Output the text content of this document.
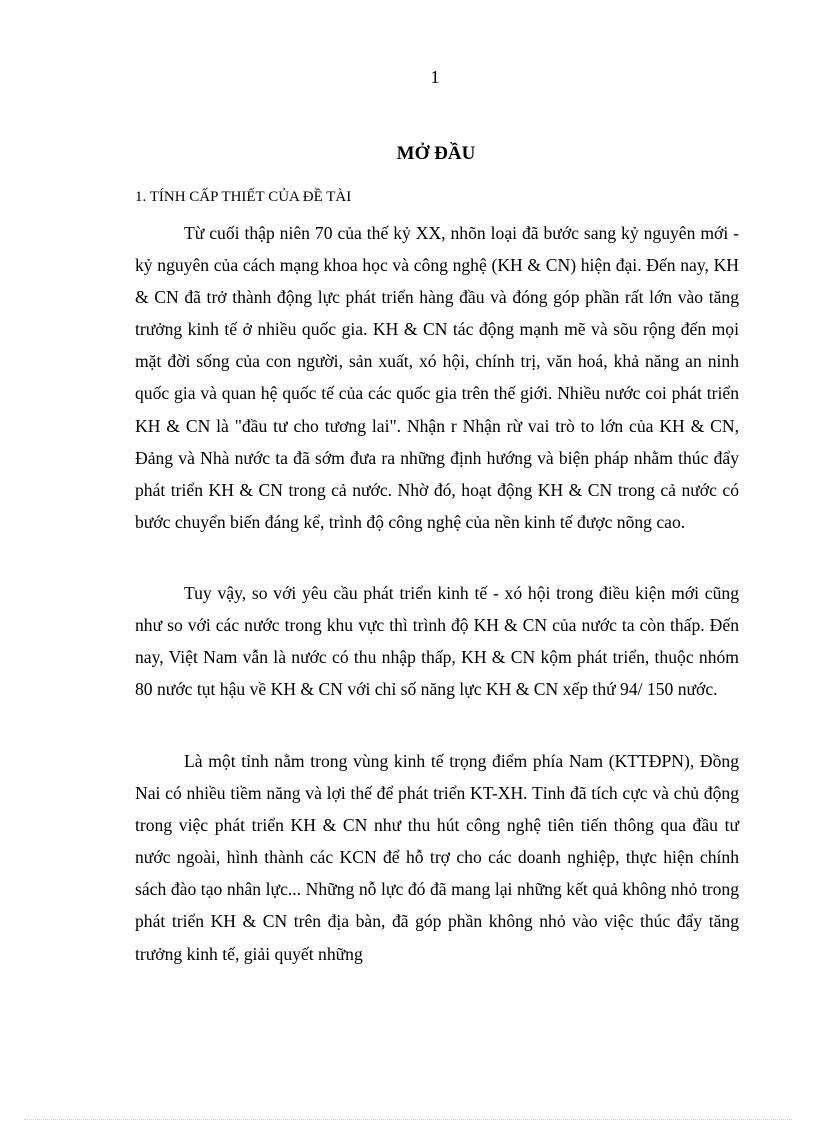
1
MỞ ĐẦU
1. TÍNH CẤP THIẾT CỦA ĐỀ TÀI

Từ cuối thập niên 70 của thế kỷ XX, nhõn loại đã bước sang kỷ nguyên mới - kỷ nguyên của cách mạng khoa học và công nghệ (KH & CN) hiện đại. Đến nay, KH & CN đã trở thành động lực phát triển hàng đầu và đóng góp phần rất lớn vào tăng trưởng kinh tế ở nhiều quốc gia. KH & CN tác động mạnh mẽ và sõu rộng đến mọi mặt đời sống của con người, sản xuất, xó hội, chính trị, văn hoá, khả năng an ninh quốc gia và quan hệ quốc tế của các quốc gia trên thế giới. Nhiều nước coi phát triển KH & CN là "đầu tư cho tương lai". Nhận r Nhận rừ vai trò to lớn của KH & CN, Đảng và Nhà nước ta đã sớm đưa ra những định hướng và biện pháp nhằm thúc đẩy phát triển KH & CN trong cả nước. Nhờ đó, hoạt động KH & CN trong cả nước có bước chuyển biến đáng kể, trình độ công nghệ của nền kinh tế được nõng cao.

Tuy vậy, so với yêu cầu phát triển kinh tế - xó hội trong điều kiện mới cũng như so với các nước trong khu vực thì trình độ KH & CN của nước ta còn thấp. Đến nay, Việt Nam vẫn là nước có thu nhập thấp, KH & CN kộm phát triển, thuộc nhóm 80 nước tụt hậu về KH & CN với chỉ số năng lực KH & CN xếp thứ 94/ 150 nước.

Là một tỉnh nằm trong vùng kinh tế trọng điểm phía Nam (KTTĐPN), Đồng Nai có nhiều tiềm năng và lợi thế để phát triển KT-XH. Tỉnh đã tích cực và chủ động trong việc phát triển KH & CN như thu hút công nghệ tiên tiến thông qua đầu tư nước ngoài, hình thành các KCN để hỗ trợ cho các doanh nghiệp, thực hiện chính sách đào tạo nhân lực... Những nỗ lực đó đã mang lại những kết quả không nhỏ trong phát triển KH & CN trên địa bàn, đã góp phần không nhỏ vào việc thúc đẩy tăng trưởng kinh tế, giải quyết những
